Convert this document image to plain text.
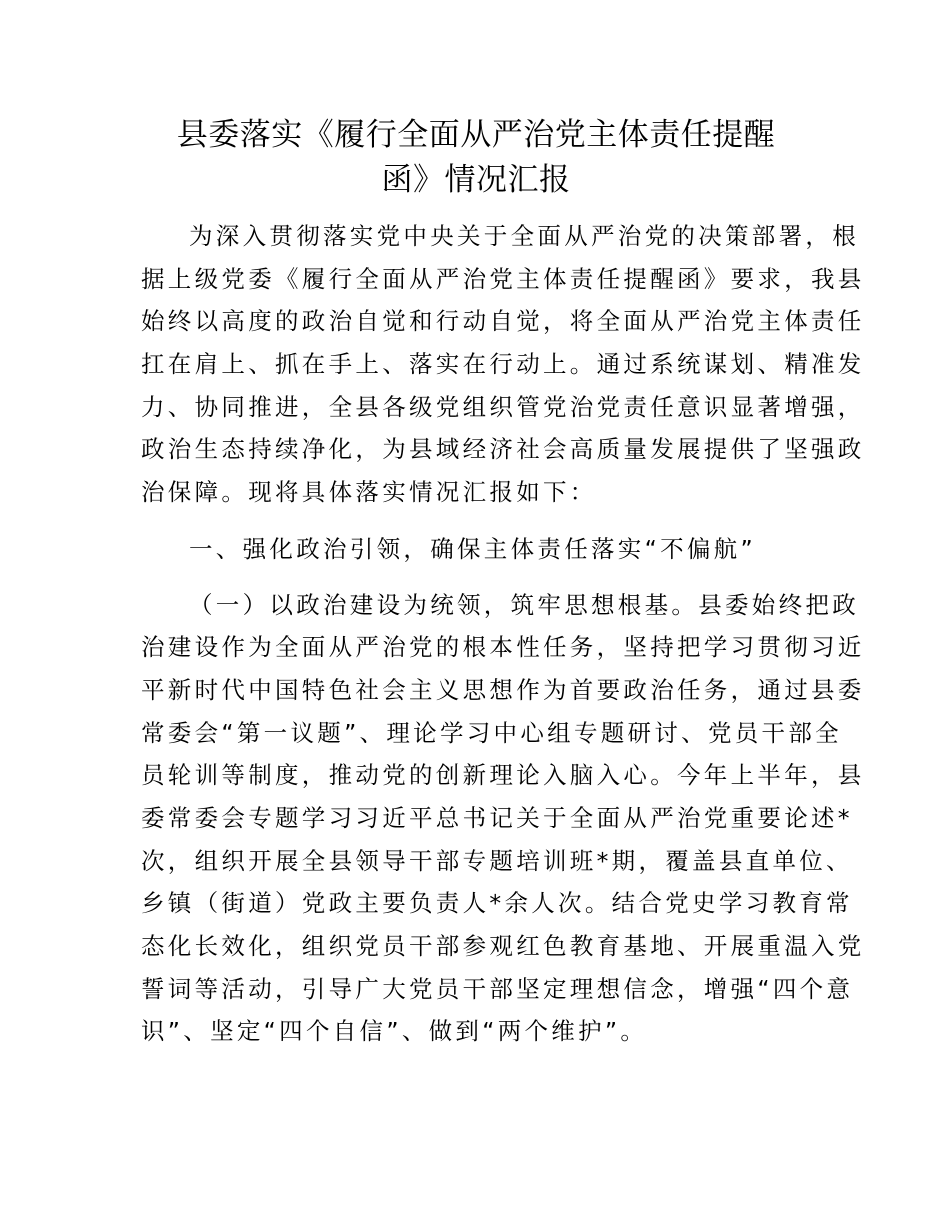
县委落实《履行全面从严治党主体责任提醒
函》情况汇报
为深入贯彻落实党中央关于全面从严治党的决策部署，根
据上级党委《履行全面从严治党主体责任提醒函》要求，我县
始终以高度的政治自觉和行动自觉，将全面从严治党主体责任
扛在肩上、抓在手上、落实在行动上。通过系统谋划、精准发
力、协同推进，全县各级党组织管党治党责任意识显著增强，
政治生态持续净化，为县域经济社会高质量发展提供了坚强政
治保障。现将具体落实情况汇报如下：
一、强化政治引领，确保主体责任落实“不偏航”
（一）以政治建设为统领，筑牢思想根基。县委始终把政
治建设作为全面从严治党的根本性任务，坚持把学习贯彻习近
平新时代中国特色社会主义思想作为首要政治任务，通过县委
常委会“第一议题”、理论学习中心组专题研讨、党员干部全
员轮训等制度，推动党的创新理论入脑入心。今年上半年，县
委常委会专题学习习近平总书记关于全面从严治党重要论述*
次，组织开展全县领导干部专题培训班*期，覆盖县直单位、
乡镇（街道）党政主要负责人*余人次。结合党史学习教育常
态化长效化，组织党员干部参观红色教育基地、开展重温入党
誓词等活动，引导广大党员干部坚定理想信念，增强“四个意
识”、坚定“四个自信”、做到“两个维护”。
